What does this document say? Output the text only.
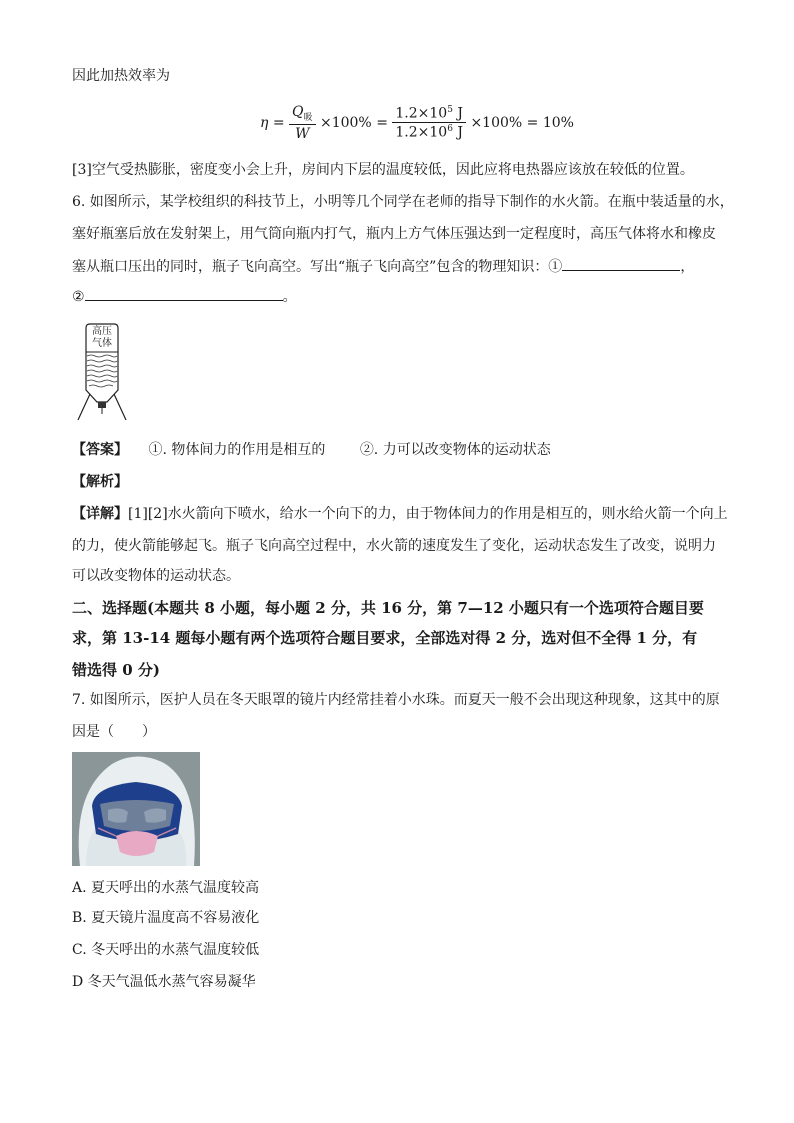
因此加热效率为
$\eta = \frac{Q_吸}{W} \times 100\% = \frac{1.2\times 10^5 J}{1.2\times 10^6 J} \times 100\% = 10\%$
[3]空气受热膨胀，密度变小会上升，房间内下层的温度较低，因此应将电热器应该放在较低的位置。
6. 如图所示，某学校组织的科技节上，小明等几个同学在老师的指导下制作的水火箭。在瓶中装适量的水，
塞好瓶塞后放在发射架上，用气筒向瓶内打气，瓶内上方气体压强达到一定程度时，高压气体将水和橡皮
塞从瓶口压出的同时，瓶子飞向高空。写出“瓶子飞向高空”包含的物理知识：①	，
②	。
高压
气体
【答案】 ①. 物体间力的作用是相互的 ②. 力可以改变物体的运动状态
【解析】
【详解】[1][2]水火箭向下喷水，给水一个向下的力，由于物体间力的作用是相互的，则水给火箭一个向上
的力，使火箭能够起飞。瓶子飞向高空过程中，水火箭的速度发生了变化，运动状态发生了改变，说明力
可以改变物体的运动状态。
二、选择题(本题共 8 小题，每小题 2 分，共 16 分，第 7—12 小题只有一个选项符合题目要
求，第 13-14 题每小题有两个选项符合题目要求，全部选对得 2 分，选对但不全得 1 分，有
错选得 0 分)
7. 如图所示，医护人员在冬天眼罩的镜片内经常挂着小水珠。而夏天一般不会出现这种现象，这其中的原
因是（　　）
A. 夏天呼出的水蒸气温度较高
B. 夏天镜片温度高不容易液化
C. 冬天呼出的水蒸气温度较低
D 冬天气温低水蒸气容易凝华
